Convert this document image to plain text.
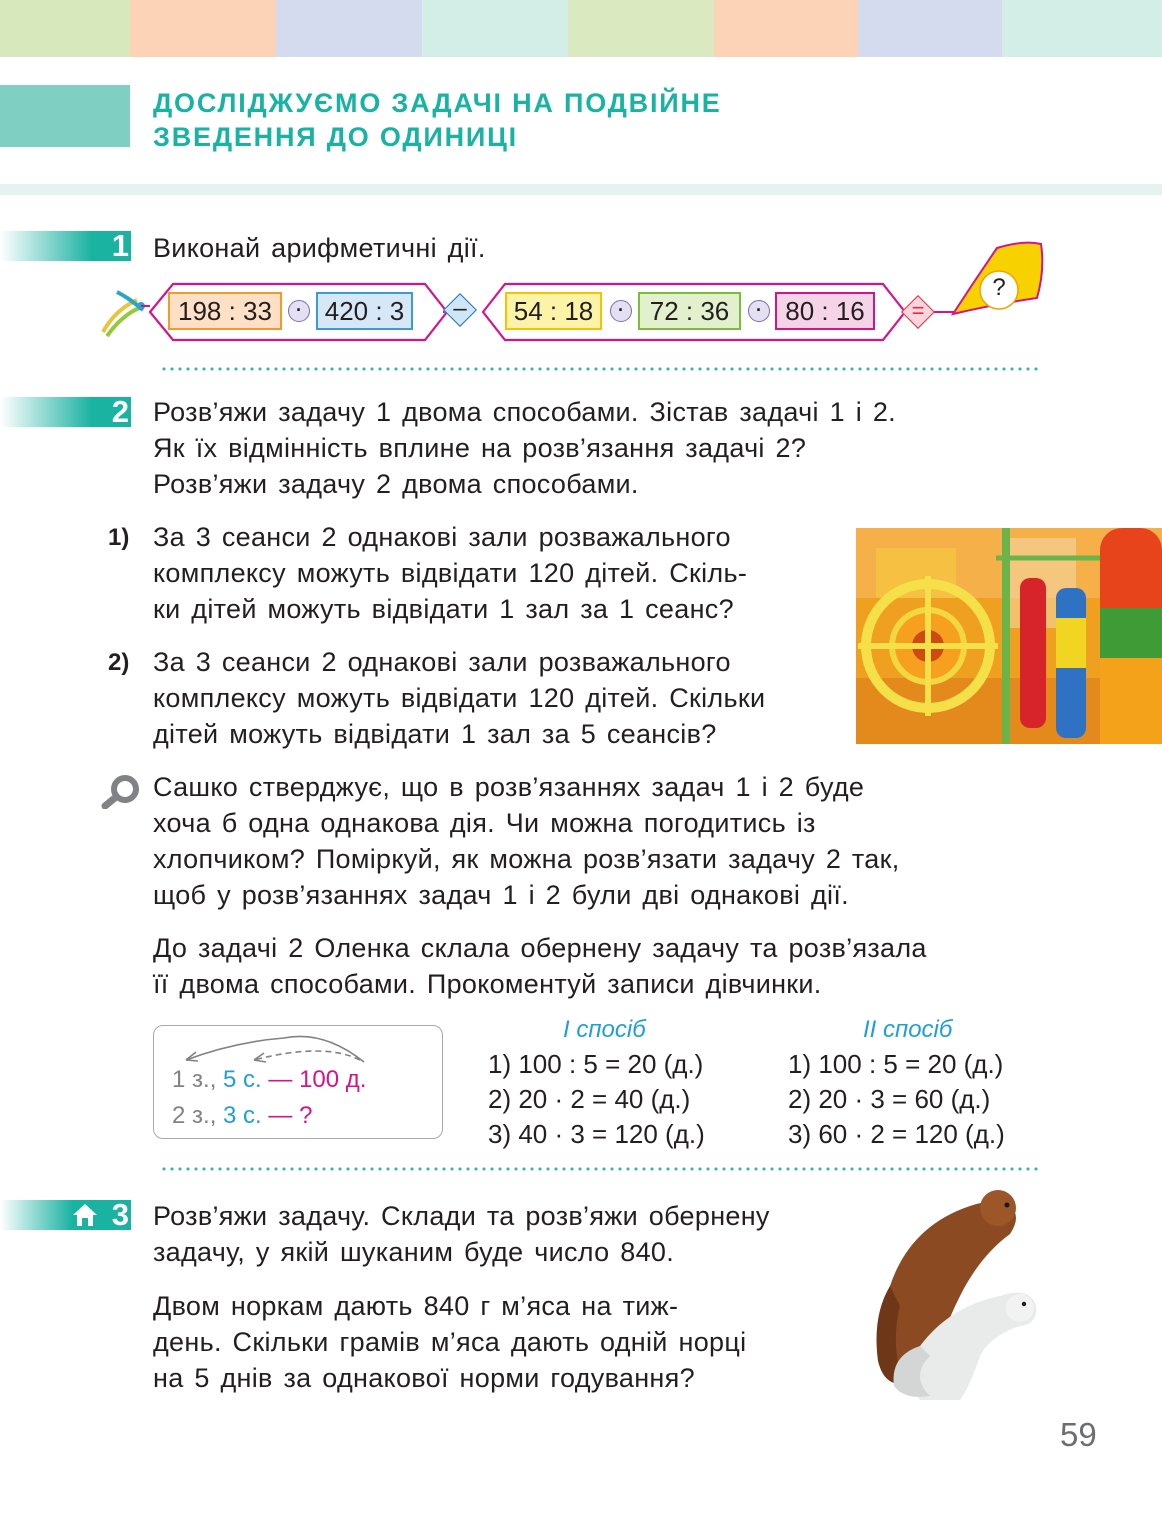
ДОСЛІДЖУЄМО ЗАДАЧІ НА ПОДВІЙНЕ
ЗВЕДЕННЯ ДО ОДИНИЦІ
1 Виконай арифметичні дії.
198 : 33	· 420 : 3	–	54 : 18	· 72 : 36	· 80 : 16	=
?
2 Розв’яжи задачу 1 двома способами. Зістав задачі 1 і 2.
Як їх відмінність вплине на розв’язання задачі 2?
Розв’яжи задачу 2 двома способами.
1) За 3 сеанси 2 однакові зали розважального
комплексу можуть відвідати 120 дітей. Скіль-
ки дітей можуть відвідати 1 зал за 1 сеанс?
2) За 3 сеанси 2 однакові зали розважального
комплексу можуть відвідати 120 дітей. Скільки
дітей можуть відвідати 1 зал за 5 сеансів?
Сашко стверджує, що в розв’язаннях задач 1 і 2 буде
хоча б одна однакова дія. Чи можна погодитись із
хлопчиком? Поміркуй, як можна розв’язати задачу 2 так,
щоб у розв’язаннях задач 1 і 2 були дві однакові дії.
До задачі 2 Оленка склала обернену задачу та розв’язала
її двома способами. Прокоментуй записи дівчинки.
1 з., 5 с. — 100 д.
2 з., 3 с. — ?
І спосіб
1) 100 : 5 = 20 (д.)
2) 20 · 2 = 40 (д.)
3) 40 · 3 = 120 (д.)
ІІ спосіб
1) 100 : 5 = 20 (д.)
2) 20 · 3 = 60 (д.)
3) 60 · 2 = 120 (д.)
3 Розв’яжи задачу. Склади та розв’яжи обернену
задачу, у якій шуканим буде число 840.
Двом норкам дають 840 г м’яса на тиж-
день. Скільки грамів м’яса дають одній норці
на 5 днів за однакової норми годування?
59
